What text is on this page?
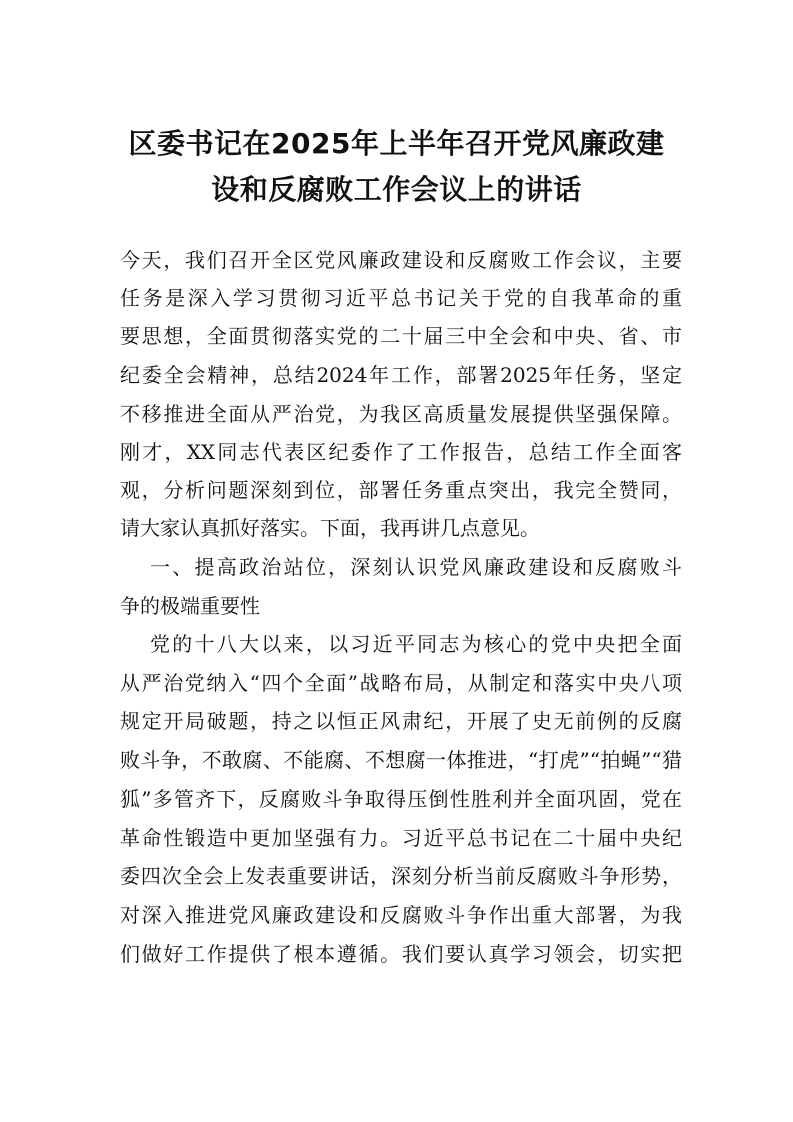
区委书记在2025年上半年召开党风廉政建
设和反腐败工作会议上的讲话

今天，我们召开全区党风廉政建设和反腐败工作会议，主要

任务是深入学习贯彻习近平总书记关于党的自我革命的重

要思想，全面贯彻落实党的二十届三中全会和中央、省、市

纪委全会精神，总结2024年工作，部署2025年任务，坚定

不移推进全面从严治党，为我区高质量发展提供坚强保障。

刚才，XX同志代表区纪委作了工作报告，总结工作全面客

观，分析问题深刻到位，部署任务重点突出，我完全赞同，

请大家认真抓好落实。下面，我再讲几点意见。

一、提高政治站位，深刻认识党风廉政建设和反腐败斗

争的极端重要性

党的十八大以来，以习近平同志为核心的党中央把全面

从严治党纳入“四个全面”战略布局，从制定和落实中央八项

规定开局破题，持之以恒正风肃纪，开展了史无前例的反腐

败斗争，不敢腐、不能腐、不想腐一体推进，“打虎”“拍蝇”“猎

狐”多管齐下，反腐败斗争取得压倒性胜利并全面巩固，党在

革命性锻造中更加坚强有力。习近平总书记在二十届中央纪

委四次全会上发表重要讲话，深刻分析当前反腐败斗争形势，

对深入推进党风廉政建设和反腐败斗争作出重大部署，为我

们做好工作提供了根本遵循。我们要认真学习领会，切实把
